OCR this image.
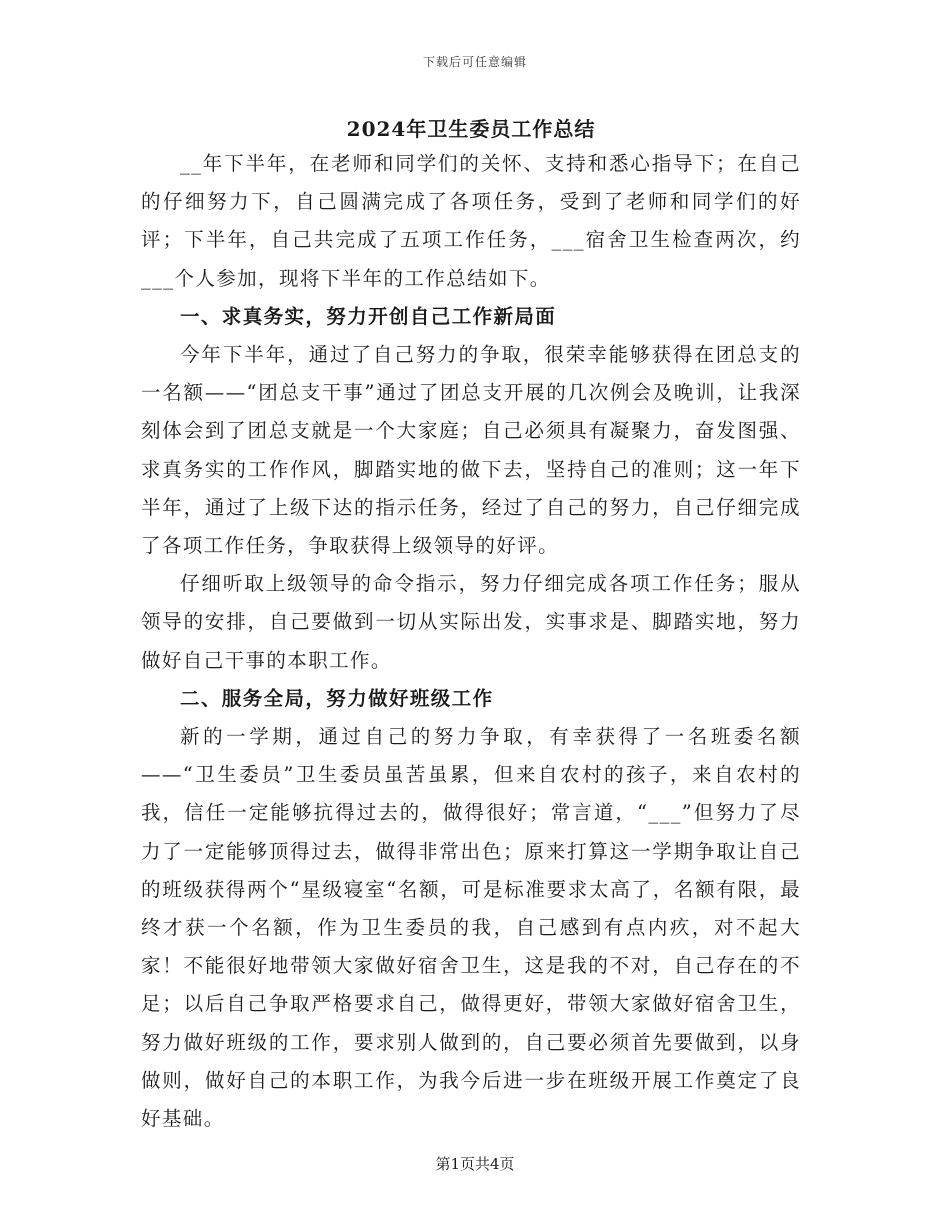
下载后可任意编辑
2024年卫生委员工作总结

__年下半年，在老师和同学们的关怀、支持和悉心指导下；在自己的仔细努力下，自己圆满完成了各项任务，受到了老师和同学们的好评；下半年，自己共完成了五项工作任务，___宿舍卫生检查两次，约___个人参加，现将下半年的工作总结如下。

一、求真务实，努力开创自己工作新局面

今年下半年，通过了自己努力的争取，很荣幸能够获得在团总支的一名额——“团总支干事”通过了团总支开展的几次例会及晚训，让我深刻体会到了团总支就是一个大家庭；自己必须具有凝聚力，奋发图强、求真务实的工作作风，脚踏实地的做下去，坚持自己的准则；这一年下半年，通过了上级下达的指示任务，经过了自己的努力，自己仔细完成了各项工作任务，争取获得上级领导的好评。

仔细听取上级领导的命令指示，努力仔细完成各项工作任务；服从领导的安排，自己要做到一切从实际出发，实事求是、脚踏实地，努力做好自己干事的本职工作。

二、服务全局，努力做好班级工作

新的一学期，通过自己的努力争取，有幸获得了一名班委名额——“卫生委员”卫生委员虽苦虽累，但来自农村的孩子，来自农村的我，信任一定能够抗得过去的，做得很好；常言道，“___”但努力了尽力了一定能够顶得过去，做得非常出色；原来打算这一学期争取让自己的班级获得两个“星级寝室“名额，可是标准要求太高了，名额有限，最终才获一个名额，作为卫生委员的我，自己感到有点内疚，对不起大家！不能很好地带领大家做好宿舍卫生，这是我的不对，自己存在的不足；以后自己争取严格要求自己，做得更好，带领大家做好宿舍卫生，努力做好班级的工作，要求别人做到的，自己要必须首先要做到，以身做则，做好自己的本职工作，为我今后进一步在班级开展工作奠定了良好基础。

第1页共4页
